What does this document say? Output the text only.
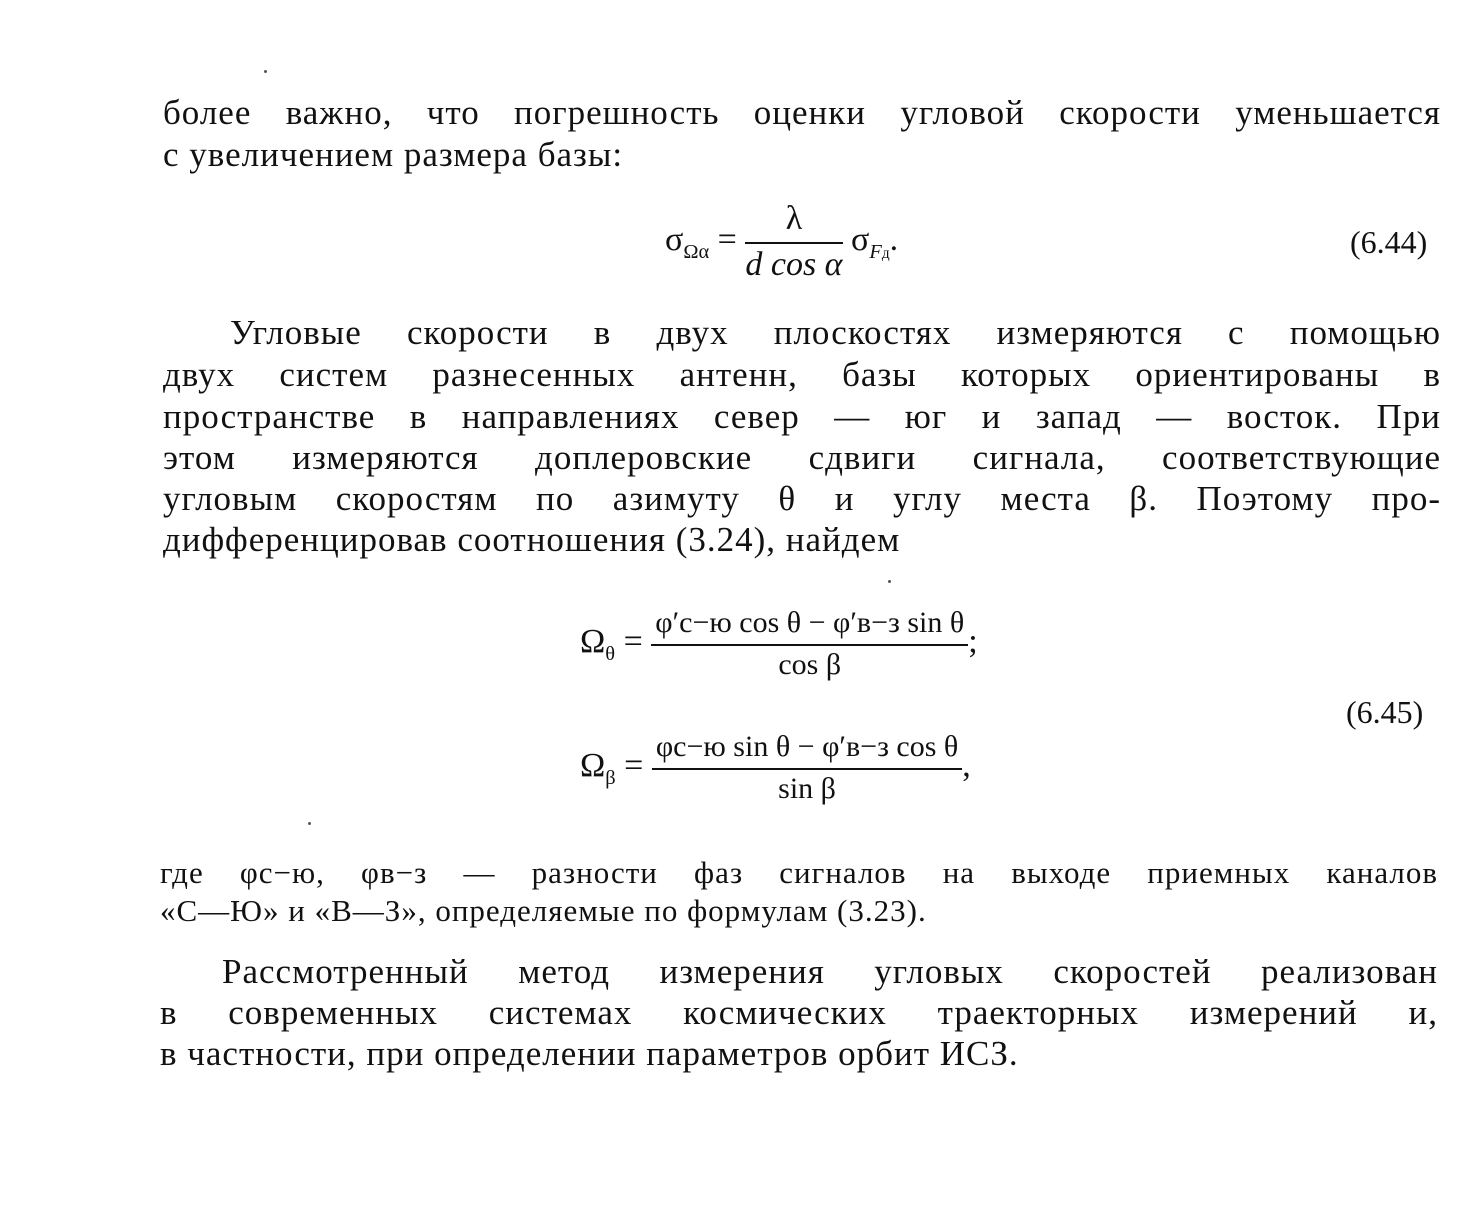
более важно, что погрешность оценки угловой скорости уменьшается
с увеличением размера базы:
$\sigma_{\Omega\alpha} = \frac{\lambda}{\text{d cos α}} \sigma_{Fд}$.	(6.44)
Угловые скорости в двух плоскостях измеряются с помощью
двух систем разнесенных антенн, базы которых ориентированы в
пространстве в направлениях север — юг и запад — восток. При
этом измеряются доплеровские сдвиги сигнала, соответствующие
угловым скоростям по азимуту θ и углу места β. Поэтому про-
дифференцировав соотношения (3.24), найдем
$\Omega_\theta = \frac{\text{φ′с−ю cos θ − φ′в−з sin θ}}{\text{cos β}}$ ;
$\Omega_\beta = \frac{\text{φс−ю sin θ − φ′в−з cos θ}}{\text{sin β}}$ ,
(6.45)
где φс−ю, φв−з — разности фаз сигналов на выходе приемных каналов
«С—Ю» и «В—З», определяемые по формулам (3.23).
Рассмотренный метод измерения угловых скоростей реализован
в современных системах космических траекторных измерений и,
в частности, при определении параметров орбит ИСЗ.
